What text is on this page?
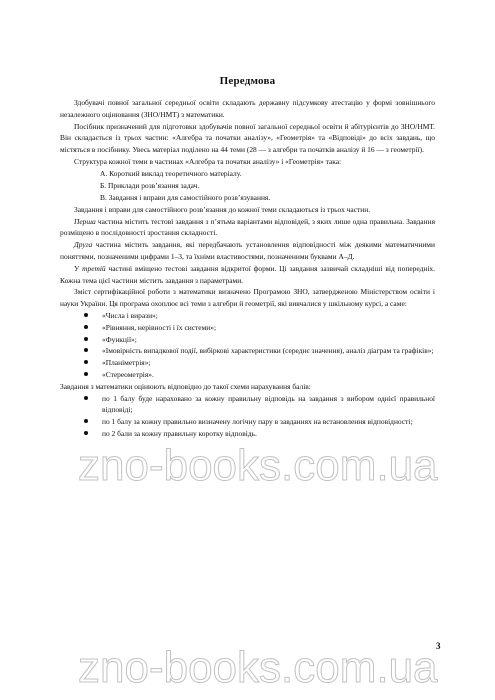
Передмова

Здобувачі повної загальної середньої освіти складають державну підсумкову атестацію у формі зовнішнього незалежного оцінювання (ЗНО/НМТ) з математики.

Посібник призначений для підготовки здобувачів повної загальної середньої освіти й абітурієнтів до ЗНО/НМТ. Він складається із трьох частин: «Алгебра та початки аналізу», «Геометрія» та «Відповіді» до всіх завдань, що містяться в посібнику. Увесь матеріал поділено на 44 теми (28 — з алгебри та початків аналізу й 16 — з геометрії).

Структура кожної теми в частинах «Алгебра та початки аналізу» і «Геометрія» така:

А. Короткий виклад теоретичного матеріалу.
Б. Приклади розв’язання задач.
В. Завдання і вправи для самостійного розв’язування.

Завдання і вправи для самостійного розв’язання до кожної теми складаються із трьох частин.

Перша частина містить тестові завдання з п’ятьма варіантами відповідей, з яких лише одна правильна. Завдання розміщено в послідовності зростання складності.

Друга частина містить завдання, які передбачають установлення відповідності між деякими математичними поняттями, позначеними цифрами 1–3, та їхніми властивостями, позначеними буквами А–Д.

У третій частині вміщено тестові завдання відкритої форми. Ці завдання зазвичай складніші від попередніх. Кожна тема цієї частини містить завдання з параметрами.

Зміст сертифікаційної роботи з математики визначено Програмою ЗНО, затвердженою Міністерством освіти і науки України. Ця програма охоплює всі теми з алгебри й геометрії, які вивчалися у шкільному курсі, а саме:

«Числа і вирази»;
«Рівняння, нерівності і їх системи»;
«Функції»;
«Імовірність випадкової події, вибіркові характеристики (середнє значення), аналіз діаграм та графіків»;
«Планіметрія»;
«Стереометрія».

Завдання з математики оцінюють відповідно до такої схеми нарахування балів:

по 1 балу буде нараховано за кожну правильну відповідь на завдання з вибором однієї правильної відповіді;
по 1 балу за кожну правильно визначену логічну пару в завданнях на встановлення відповідності;
по 2 бали за кожну правильну коротку відповідь.
zno-books.com.ua
zno-books.com.ua
3
